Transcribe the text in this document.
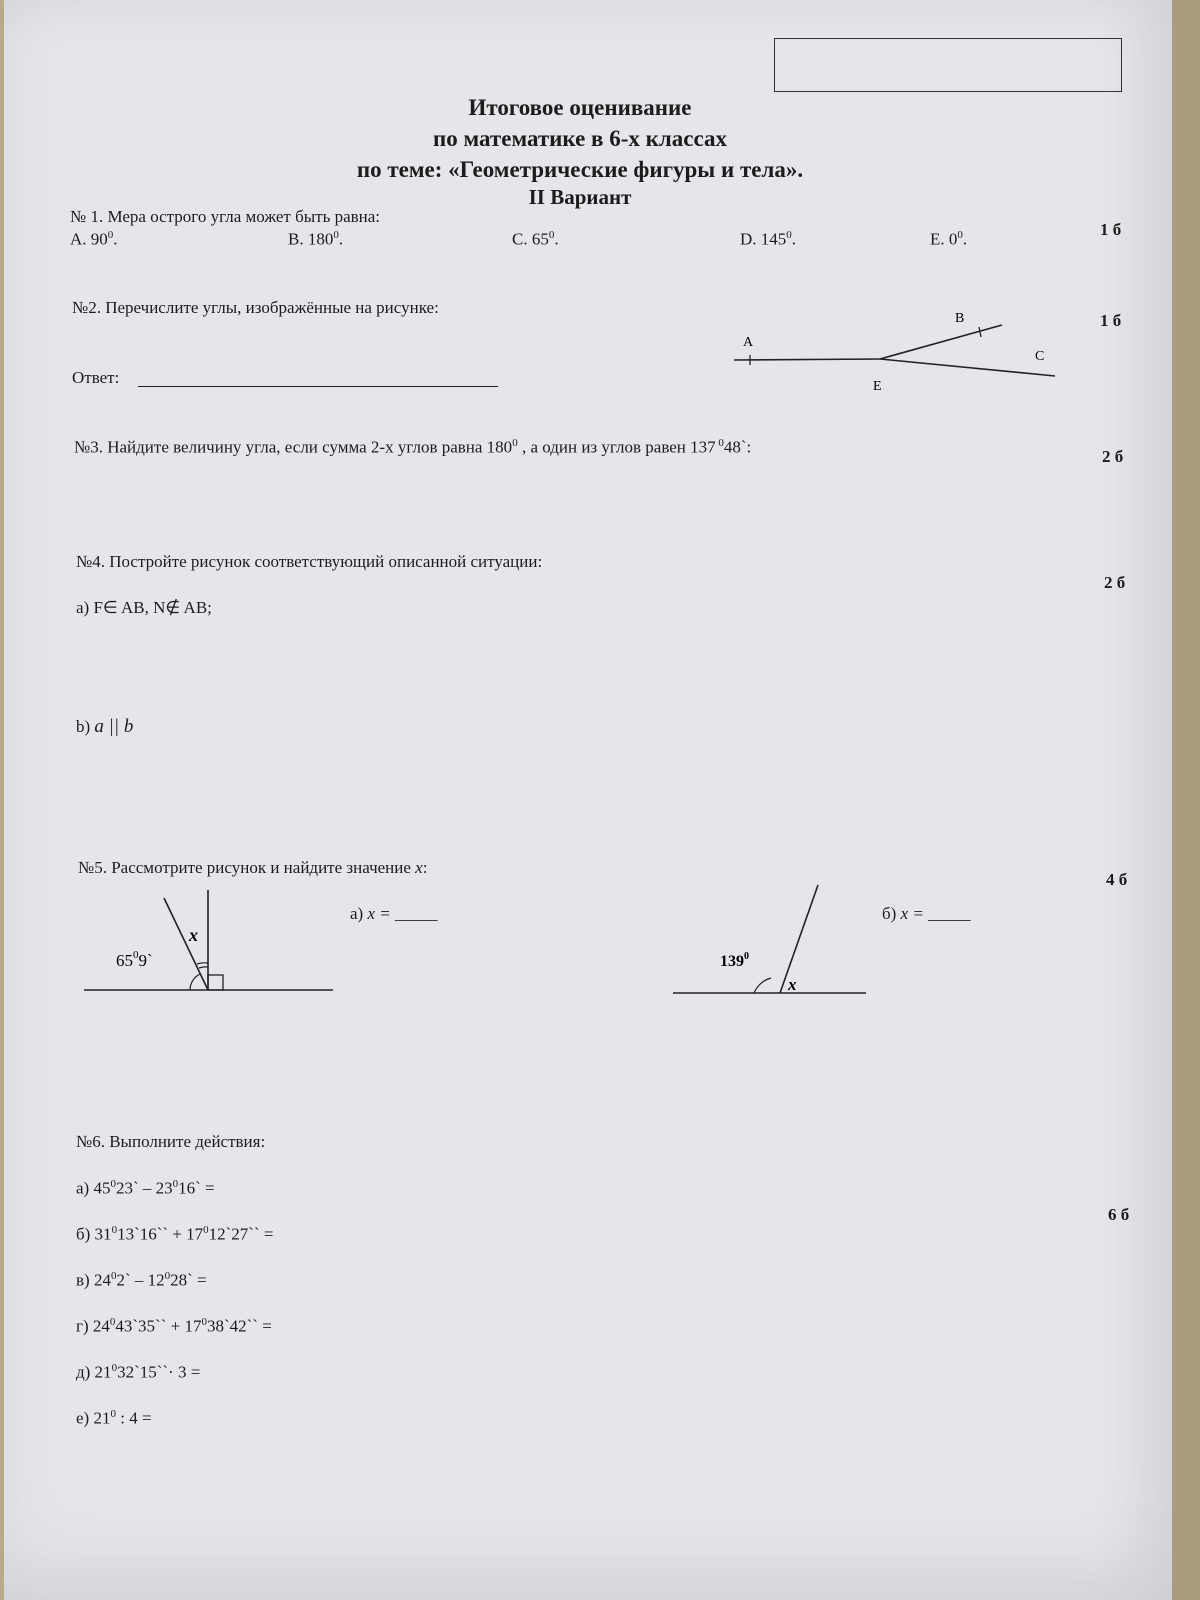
Итоговое оценивание
по математике в 6-х классах
по теме: «Геометрические фигуры и тела».
II Вариант
№ 1. Мера острого угла может быть равна:
A. $90^0$.	B. $180^0$.	C. $65^0$.	D. $145^0$.	E. $0^0$.
1 б
№2. Перечислите углы, изображённые на рисунке:
Ответ:
1 б
A
B
C
E
№3. Найдите величину угла, если сумма 2-х углов равна $180^0$ , а один из углов равен 137 $^0$48`:	2 б
№4. Постройте рисунок соответствующий описанной ситуации:
2 б
a) F∈ AB, N∉ AB;
b) a || b
№5. Рассмотрите рисунок и найдите значение x:
4 б
$65^09`$
x
а) x = _____
$139^0$
x
б) x = _____
№6. Выполните действия:
6 б
а) $45^023`$ – $23^016`$ =
б) $31^013`16``$ + $17^012`27``$ =
в) $24^02`$ – $12^028`$ =
г) $24^043`35``$ + $17^038`42``$ =
д) $21^032`15``\cdot 3$ =
е) $21^0$ : 4 =
